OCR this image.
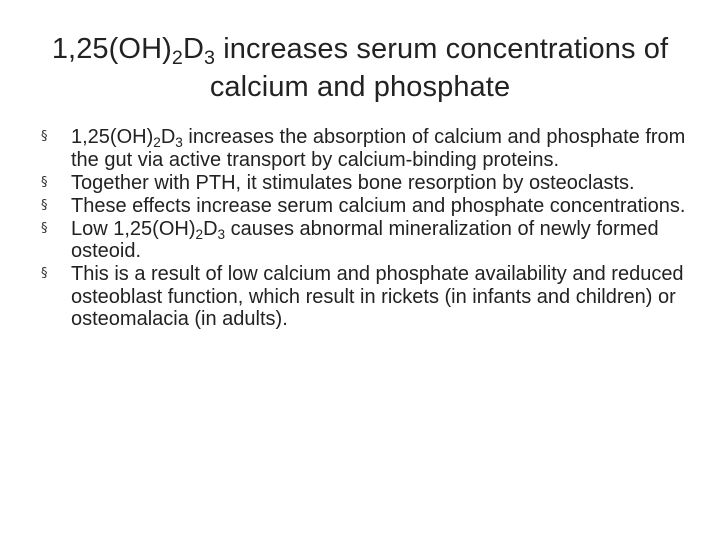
$1,25(OH)_2D_3$ increases serum concentrations of
calcium and phosphate
§ $1,25(OH)_2D_3$ increases the absorption of calcium and phosphate from the gut via active transport by calcium-binding proteins.
§ Together with PTH, it stimulates bone resorption by osteoclasts.
§ These effects increase serum calcium and phosphate concentrations.
§ Low $1,25(OH)_2D_3$ causes abnormal mineralization of newly formed osteoid.
§ This is a result of low calcium and phosphate availability and reduced osteoblast function, which result in rickets (in infants and children) or osteomalacia (in adults).
